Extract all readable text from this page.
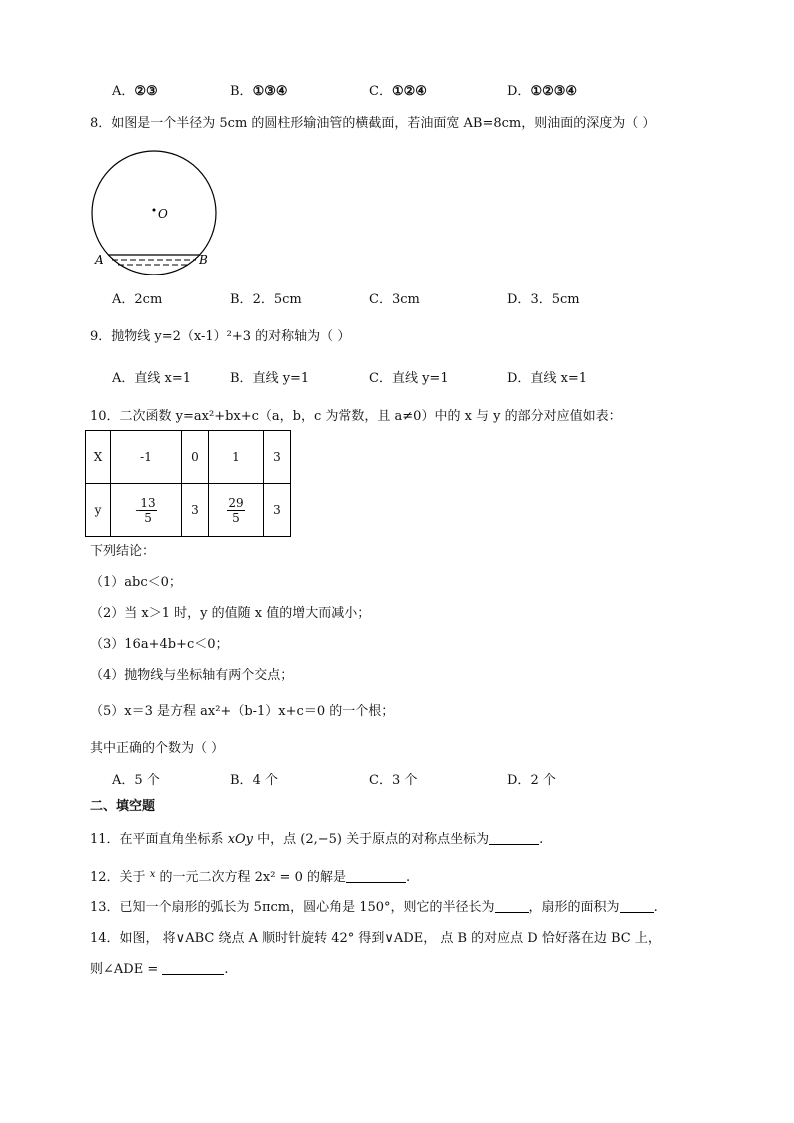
A．②③	B．①③④	C．①②④	D．①②③④
8．如图是一个半径为 5cm 的圆柱形输油管的横截面，若油面宽 AB=8cm，则油面的深度为（ ）
O
A	B
A．2cm	B．2．5cm	C．3cm	D．3．5cm
9．抛物线 y=2（x-1）²+3 的对称轴为（ ）
A．直线 x=1	B．直线 y=1	C．直线 y=1	D．直线 x=1
10．二次函数 y=ax²+bx+c（a，b，c 为常数，且 a≠0）中的 x 与 y 的部分对应值如表：
X	-1	0	1	3
y	- $\frac{13}{5}$	3	$\frac{29}{5}$	3
下列结论：
（1）abc＜0；
（2）当 x＞1 时，y 的值随 x 值的增大而减小；
（3）16a+4b+c＜0；
（4）抛物线与坐标轴有两个交点；
（5）x＝3 是方程 ax²+（b-1）x+c＝0 的一个根；
其中正确的个数为（ ）
A．5 个	B．4 个	C．3 个	D．2 个
二、填空题
11．在平面直角坐标系 xOy 中，点 (2,−5) 关于原点的对称点坐标为	.
12．关于 $^x$ 的一元二次方程 2x² = 0 的解是	.
13．已知一个扇形的弧长为 5πcm，圆心角是 150°，则它的半径长为	，扇形的面积为	.
14．如图， 将∨ABC 绕点 A 顺时针旋转 42° 得到∨ADE， 点 B 的对应点 D 恰好落在边 BC 上，
则∠ADE =	.
